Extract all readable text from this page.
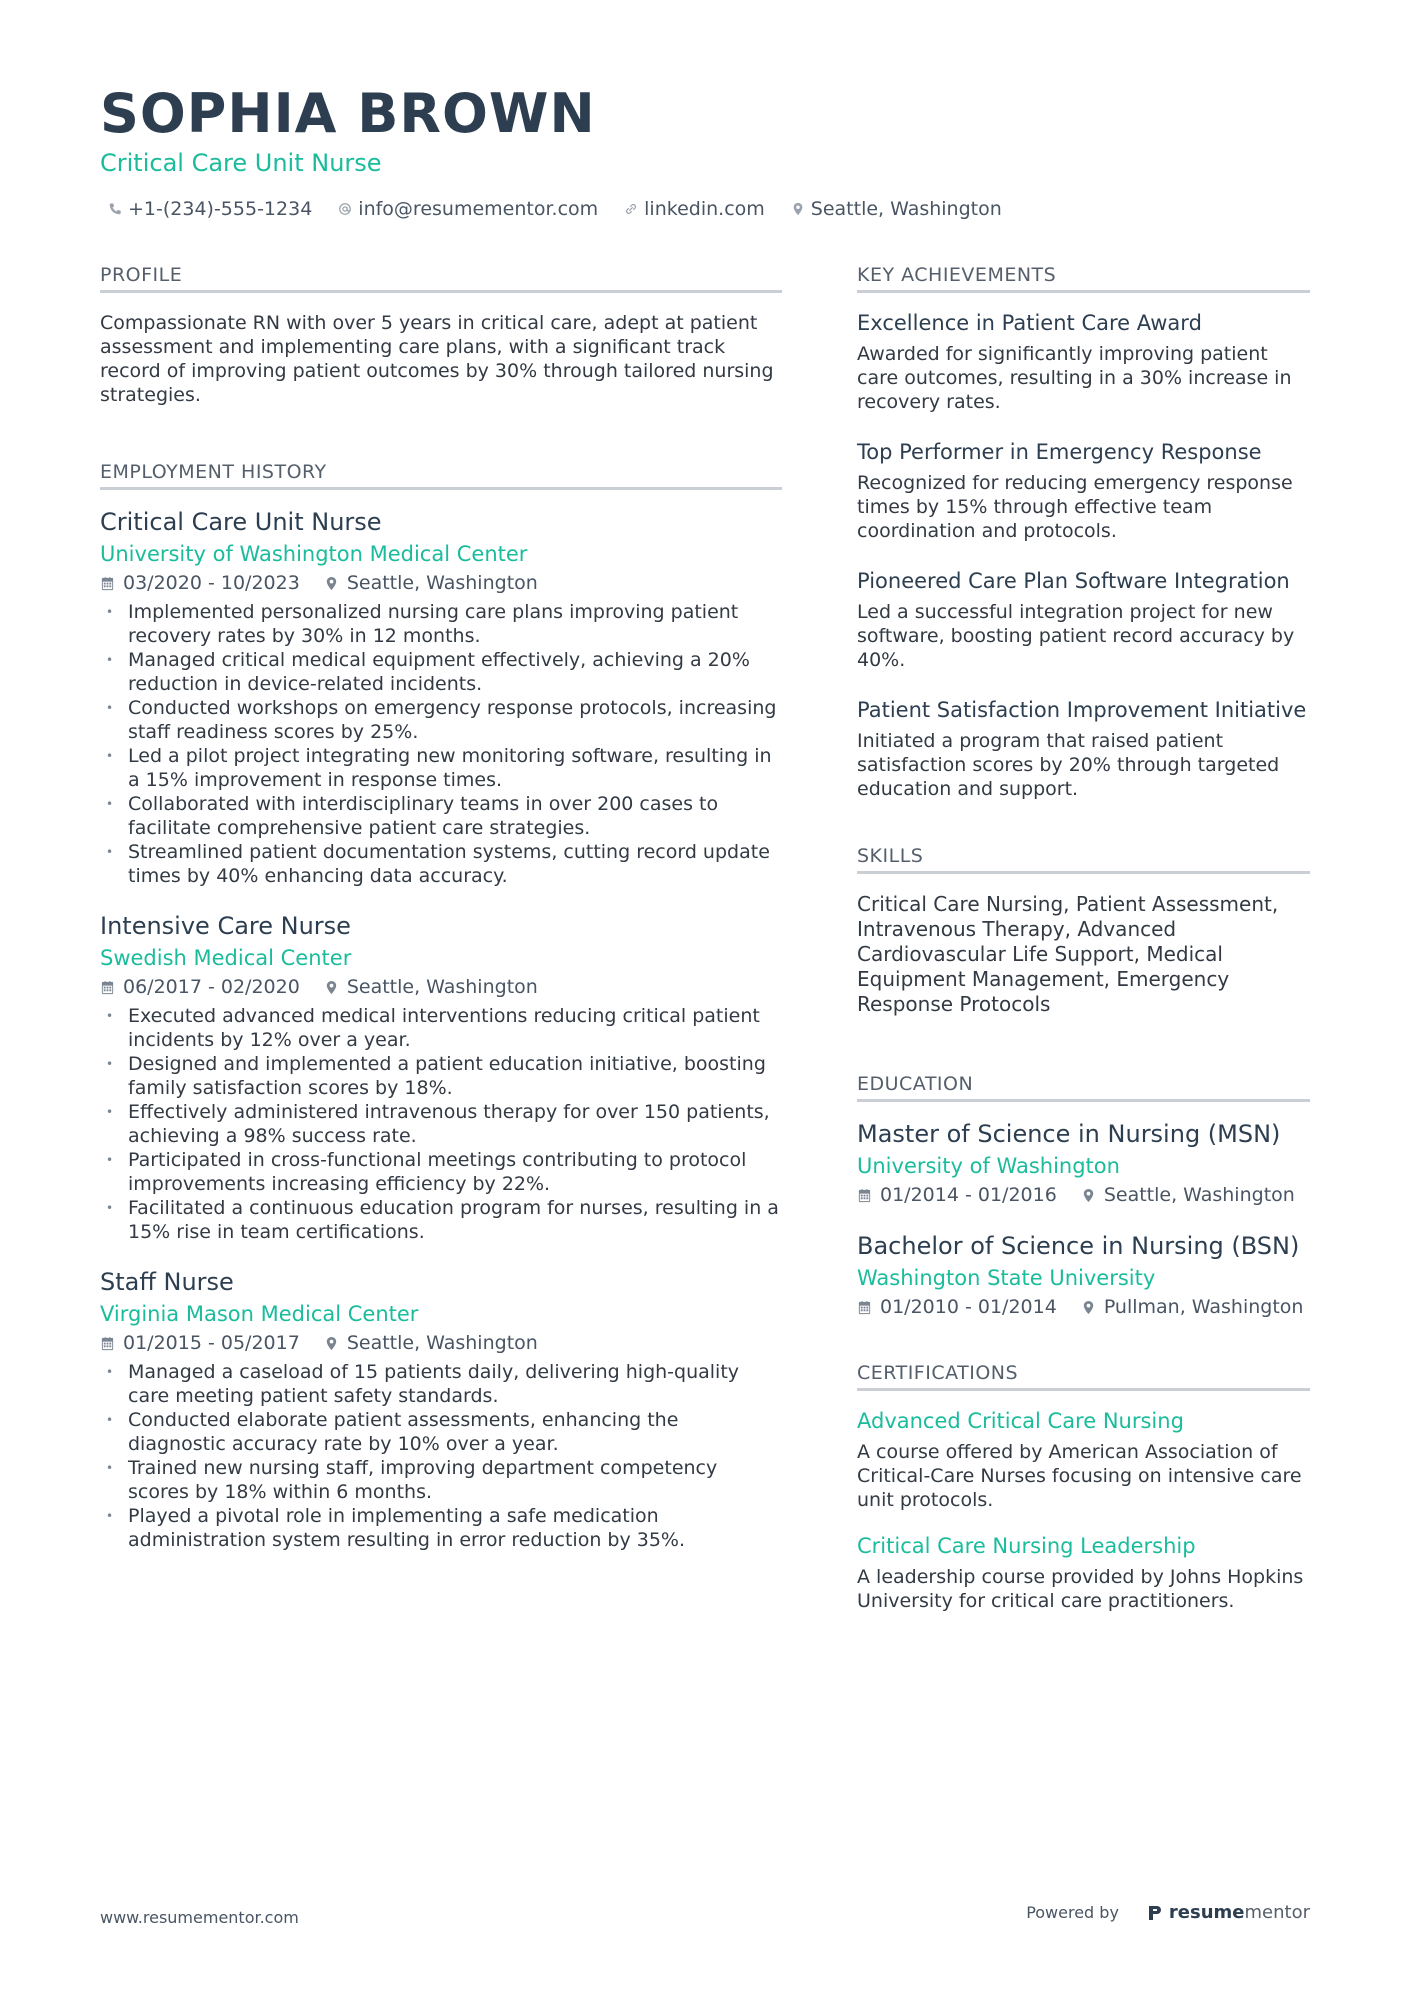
SOPHIA BROWN
Critical Care Unit Nurse
+1-(234)-555-1234 info@resumementor.com linkedin.com Seattle, Washington
PROFILE

Compassionate RN with over 5 years in critical care, adept at patient assessment and implementing care plans, with a significant track record of improving patient outcomes by 30% through tailored nursing strategies.

EMPLOYMENT HISTORY
Critical Care Unit Nurse
University of Washington Medical Center
03/2020 - 10/2023 Seattle, Washington
• Implemented personalized nursing care plans improving patient recovery rates by 30% in 12 months.
• Managed critical medical equipment effectively, achieving a 20% reduction in device-related incidents.
• Conducted workshops on emergency response protocols, increasing staff readiness scores by 25%.
• Led a pilot project integrating new monitoring software, resulting in a 15% improvement in response times.
• Collaborated with interdisciplinary teams in over 200 cases to facilitate comprehensive patient care strategies.
• Streamlined patient documentation systems, cutting record update times by 40% enhancing data accuracy.
Intensive Care Nurse
Swedish Medical Center
06/2017 - 02/2020 Seattle, Washington
• Executed advanced medical interventions reducing critical patient incidents by 12% over a year.
• Designed and implemented a patient education initiative, boosting family satisfaction scores by 18%.
• Effectively administered intravenous therapy for over 150 patients, achieving a 98% success rate.
• Participated in cross-functional meetings contributing to protocol improvements increasing efficiency by 22%.
• Facilitated a continuous education program for nurses, resulting in a 15% rise in team certifications.
Staff Nurse
Virginia Mason Medical Center
01/2015 - 05/2017 Seattle, Washington
• Managed a caseload of 15 patients daily, delivering high-quality care meeting patient safety standards.
• Conducted elaborate patient assessments, enhancing the diagnostic accuracy rate by 10% over a year.
• Trained new nursing staff, improving department competency scores by 18% within 6 months.
• Played a pivotal role in implementing a safe medication administration system resulting in error reduction by 35%.
KEY ACHIEVEMENTS
Excellence in Patient Care Award
Awarded for significantly improving patient care outcomes, resulting in a 30% increase in recovery rates.
Top Performer in Emergency Response
Recognized for reducing emergency response times by 15% through effective team coordination and protocols.
Pioneered Care Plan Software Integration
Led a successful integration project for new software, boosting patient record accuracy by 40%.
Patient Satisfaction Improvement Initiative
Initiated a program that raised patient satisfaction scores by 20% through targeted education and support.
SKILLS

Critical Care Nursing, Patient Assessment, Intravenous Therapy, Advanced Cardiovascular Life Support, Medical Equipment Management, Emergency Response Protocols

EDUCATION
Master of Science in Nursing (MSN)
University of Washington
01/2014 - 01/2016 Seattle, Washington
Bachelor of Science in Nursing (BSN)
Washington State University
01/2010 - 01/2014 Pullman, Washington
CERTIFICATIONS
Advanced Critical Care Nursing
A course offered by American Association of Critical-Care Nurses focusing on intensive care unit protocols.
Critical Care Nursing Leadership
A leadership course provided by Johns Hopkins University for critical care practitioners.
www.resumementor.com	Powered by	resumementor
